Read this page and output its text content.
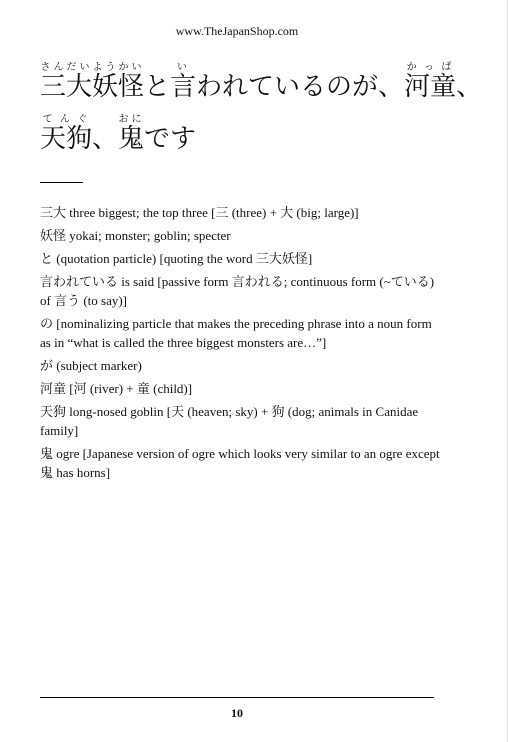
www.TheJapanShop.com
三大妖怪さんだいようかいと言いわれているのが、河童かっぱ、
天狗てんぐ、鬼おにです

三大 three biggest; the top three [三 (three) + 大 (big; large)]

妖怪 yokai; monster; goblin; specter

と (quotation particle) [quoting the word 三大妖怪]

言われている is said [passive form 言われる; continuous form (~ている) of 言う (to say)]

の [nominalizing particle that makes the preceding phrase into a noun form as in “what is called the three biggest monsters are…”]

が (subject marker)

河童 [河 (river) + 童 (child)]

天狗 long-nosed goblin [天 (heaven; sky) + 狗 (dog; animals in Canidae family]

鬼 ogre [Japanese version of ogre which looks very similar to an ogre except 鬼 has horns]

10
